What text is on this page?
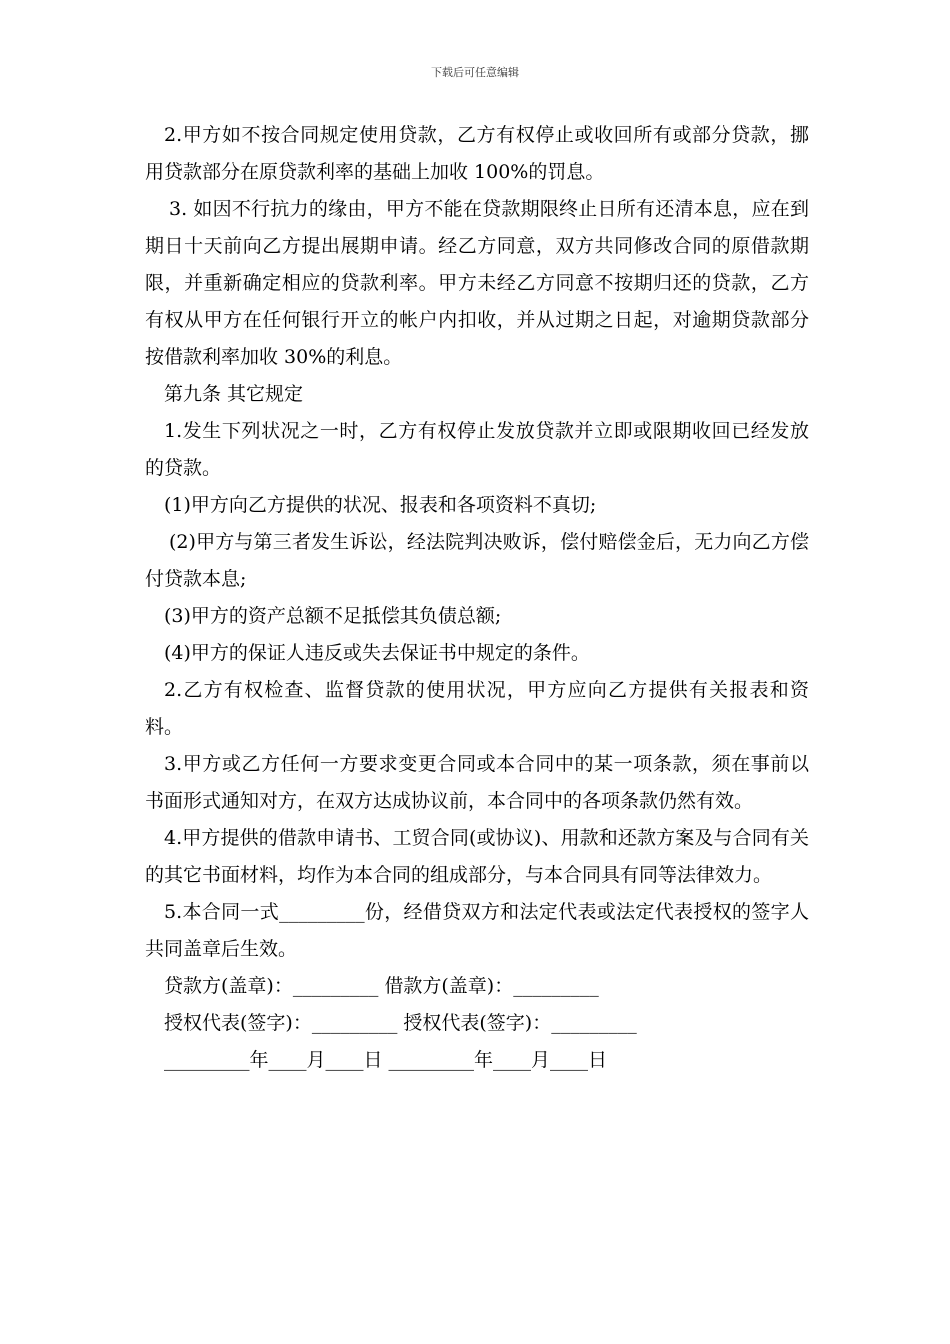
下载后可任意编辑

2.甲方如不按合同规定使用贷款，乙方有权停止或收回所有或部分贷款，挪用贷款部分在原贷款利率的基础上加收 100%的罚息。

3. 如因不行抗力的缘由，甲方不能在贷款期限终止日所有还清本息，应在到期日十天前向乙方提出展期申请。经乙方同意，双方共同修改合同的原借款期限，并重新确定相应的贷款利率。甲方未经乙方同意不按期归还的贷款，乙方有权从甲方在任何银行开立的帐户内扣收，并从过期之日起，对逾期贷款部分按借款利率加收 30%的利息。

第九条 其它规定

1.发生下列状况之一时，乙方有权停止发放贷款并立即或限期收回已经发放的贷款。

(1)甲方向乙方提供的状况、报表和各项资料不真切;

(2)甲方与第三者发生诉讼，经法院判决败诉，偿付赔偿金后，无力向乙方偿付贷款本息;

(3)甲方的资产总额不足抵偿其负债总额;

(4)甲方的保证人违反或失去保证书中规定的条件。

2.乙方有权检查、监督贷款的使用状况，甲方应向乙方提供有关报表和资料。

3.甲方或乙方任何一方要求变更合同或本合同中的某一项条款，须在事前以书面形式通知对方，在双方达成协议前，本合同中的各项条款仍然有效。

4.甲方提供的借款申请书、工贸合同(或协议)、用款和还款方案及与合同有关的其它书面材料，均作为本合同的组成部分，与本合同具有同等法律效力。

5.本合同一式_________份，经借贷双方和法定代表或法定代表授权的签字人共同盖章后生效。

贷款方(盖章)：_________ 借款方(盖章)：_________

授权代表(签字)：_________ 授权代表(签字)：_________

_________年____月____日 _________年____月____日
